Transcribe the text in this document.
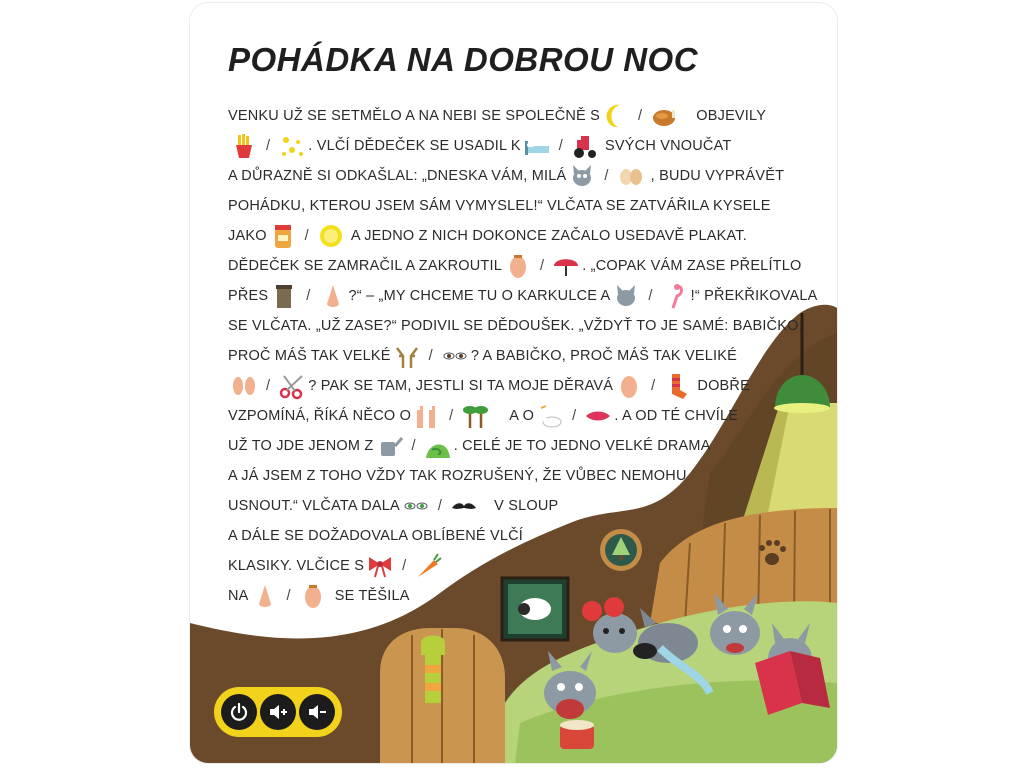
POHÁDKA NA DOBROU NOC
VENKU UŽ SE SETMĚLO A NA NEBI SE SPOLEČNĚ S	/	OBJEVILY
/	. VLČÍ DĚDEČEK SE USADIL K	/	SVÝCH VNOUČAT
A DŮRAZNĚ SI ODKAŠLAL: „DNESKA VÁM, MILÁ	/	, BUDU VYPRÁVĚT
POHÁDKU, KTEROU JSEM SÁM VYMYSLEL!“ VLČATA SE ZATVÁŘILA KYSELE
JAKO	/	A JEDNO Z NICH DOKONCE ZAČALO USEDAVĚ PLAKAT.
DĚDEČEK SE ZAMRAČIL A ZAKROUTIL	/	. „COPAK VÁM ZASE PŘELÍTLO
PŘES	/	?“ – „MY CHCEME TU O KARKULCE A	/	!“ PŘEKŘIKOVALA
SE VLČATA. „UŽ ZASE?“ PODIVIL SE DĚDOUŠEK. „VŽDYŤ TO JE SAMÉ: BABIČKO,
PROČ MÁŠ TAK VELKÉ	/	? A BABIČKO, PROČ MÁŠ TAK VELIKÉ
/	? PAK SE TAM, JESTLI SI TA MOJE DĚRAVÁ	/	DOBŘE
VZPOMÍNÁ, ŘÍKÁ NĚCO O	/	A O	/	. A OD TÉ CHVÍLE
UŽ TO JDE JENOM Z	/	. CELÉ JE TO JEDNO VELKÉ DRAMA
A JÁ JSEM Z TOHO VŽDY TAK ROZRUŠENÝ, ŽE VŮBEC NEMOHU
USNOUT.“ VLČATA DALA	/	V SLOUP
A DÁLE SE DOŽADOVALA OBLÍBENÉ VLČÍ
KLASIKY. VLČICE S	/
NA	/	SE TĚŠILA
